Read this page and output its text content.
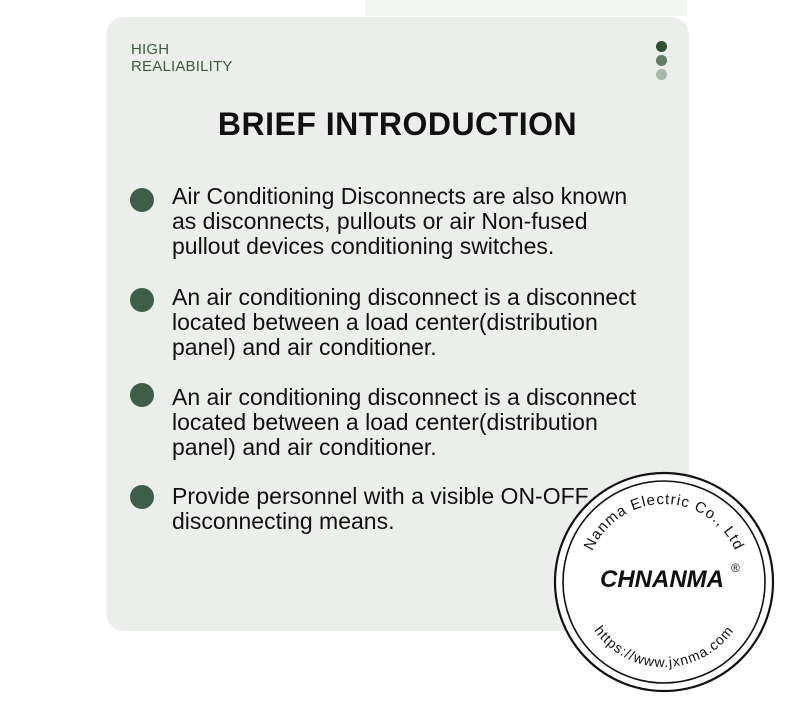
HIGH
REALIABILITY
BRIEF INTRODUCTION
Air Conditioning Disconnects are also known
as disconnects, pullouts or air Non-fused
pullout devices conditioning switches.
An air conditioning disconnect is a disconnect
located between a load center(distribution
panel) and air conditioner.
An air conditioning disconnect is a disconnect
located between a load center(distribution
panel) and air conditioner.
Provide personnel with a visible ON-OFF
disconnecting means.
Nanma Electric Co., Ltd
CHNANMA ®
https://www.jxnma.com
